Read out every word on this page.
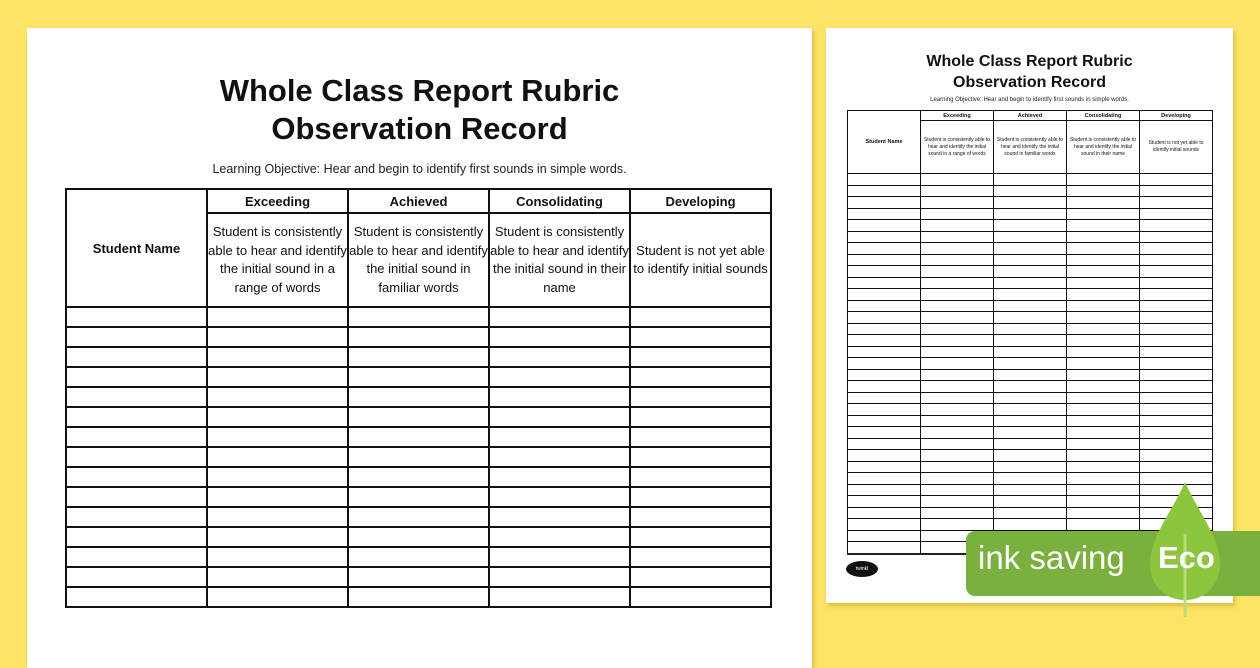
Whole Class Report Rubric
Observation Record
Learning Objective: Hear and begin to identify first sounds in simple words.
Student Name	Exceeding	Achieved	Consolidating	Developing
	Student is consistently able to hear and identify the initial sound in a range of words	Student is consistently able to hear and identify the initial sound in familiar words	Student is consistently able to hear and identify the initial sound in their name	Student is not yet able to identify initial sounds

Whole Class Report Rubric
Observation Record
Learning Objective: Hear and begin to identify first sounds in simple words.
Student Name	Exceeding	Achieved	Consolidating	Developing
	Student is consistently able to hear and identify the initial sound in a range of words	Student is consistently able to hear and identify the initial sound in familiar words	Student is consistently able to hear and identify the initial sound in their name	Student is not yet able to identify initial sounds

twinkl	ink saving Eco
